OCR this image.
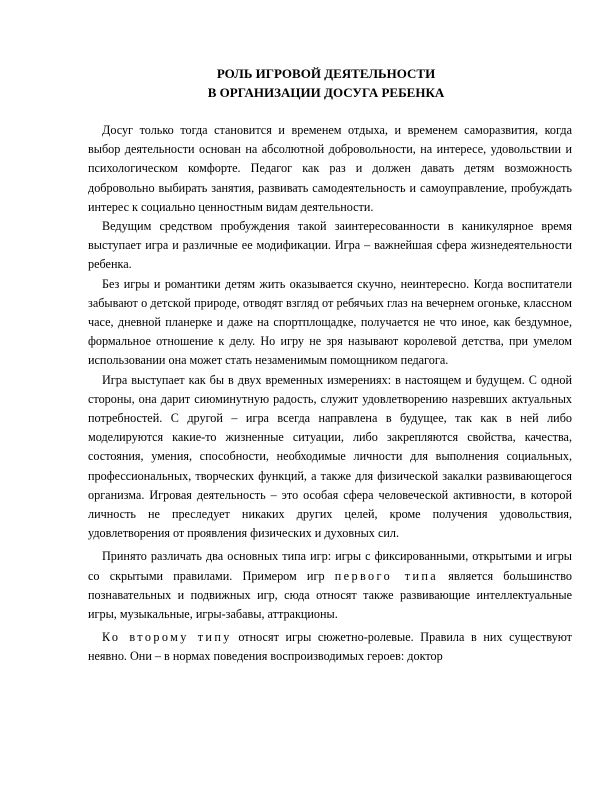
РОЛЬ ИГРОВОЙ ДЕЯТЕЛЬНОСТИ
В ОРГАНИЗАЦИИ ДОСУГА РЕБЕНКА

Досуг только тогда становится и временем отдыха, и временем саморазвития, когда выбор деятельности основан на абсолютной добровольности, на интересе, удовольствии и психологическом комфорте. Педагог как раз и должен давать детям возможность добровольно выбирать занятия, развивать самодеятельность и самоуправление, пробуждать интерес к социально ценностным видам деятельности.

Ведущим средством пробуждения такой заинтересованности в каникулярное время выступает игра и различные ее модификации. Игра – важнейшая сфера жизнедеятельности ребенка.

Без игры и романтики детям жить оказывается скучно, неинтересно. Когда воспитатели забывают о детской природе, отводят взгляд от ребячьих глаз на вечернем огоньке, классном часе, дневной планерке и даже на спортплощадке, получается не что иное, как бездумное, формальное отношение к делу. Но игру не зря называют королевой детства, при умелом использовании она может стать незаменимым помощником педагога.

Игра выступает как бы в двух временных измерениях: в настоящем и будущем. С одной стороны, она дарит сиюминутную радость, служит удовлетворению назревших актуальных потребностей. С другой – игра всегда направлена в будущее, так как в ней либо моделируются какие-то жизненные ситуации, либо закрепляются свойства, качества, состояния, умения, способности, необходимые личности для выполнения социальных, профессиональных, творческих функций, а также для физической закалки развивающегося организма. Игровая деятельность – это особая сфера человеческой активности, в которой личность не преследует никаких других целей, кроме получения удовольствия, удовлетворения от проявления физических и духовных сил.

Принято различать два основных типа игр: игры с фиксированными, открытыми и игры со скрытыми правилами. Примером игр первого типа является большинство познавательных и подвижных игр, сюда относят также развивающие интеллектуальные игры, музыкальные, игры-забавы, аттракционы.

Ко второму типу относят игры сюжетно-ролевые. Правила в них существуют неявно. Они – в нормах поведения воспроизводимых героев: доктор
